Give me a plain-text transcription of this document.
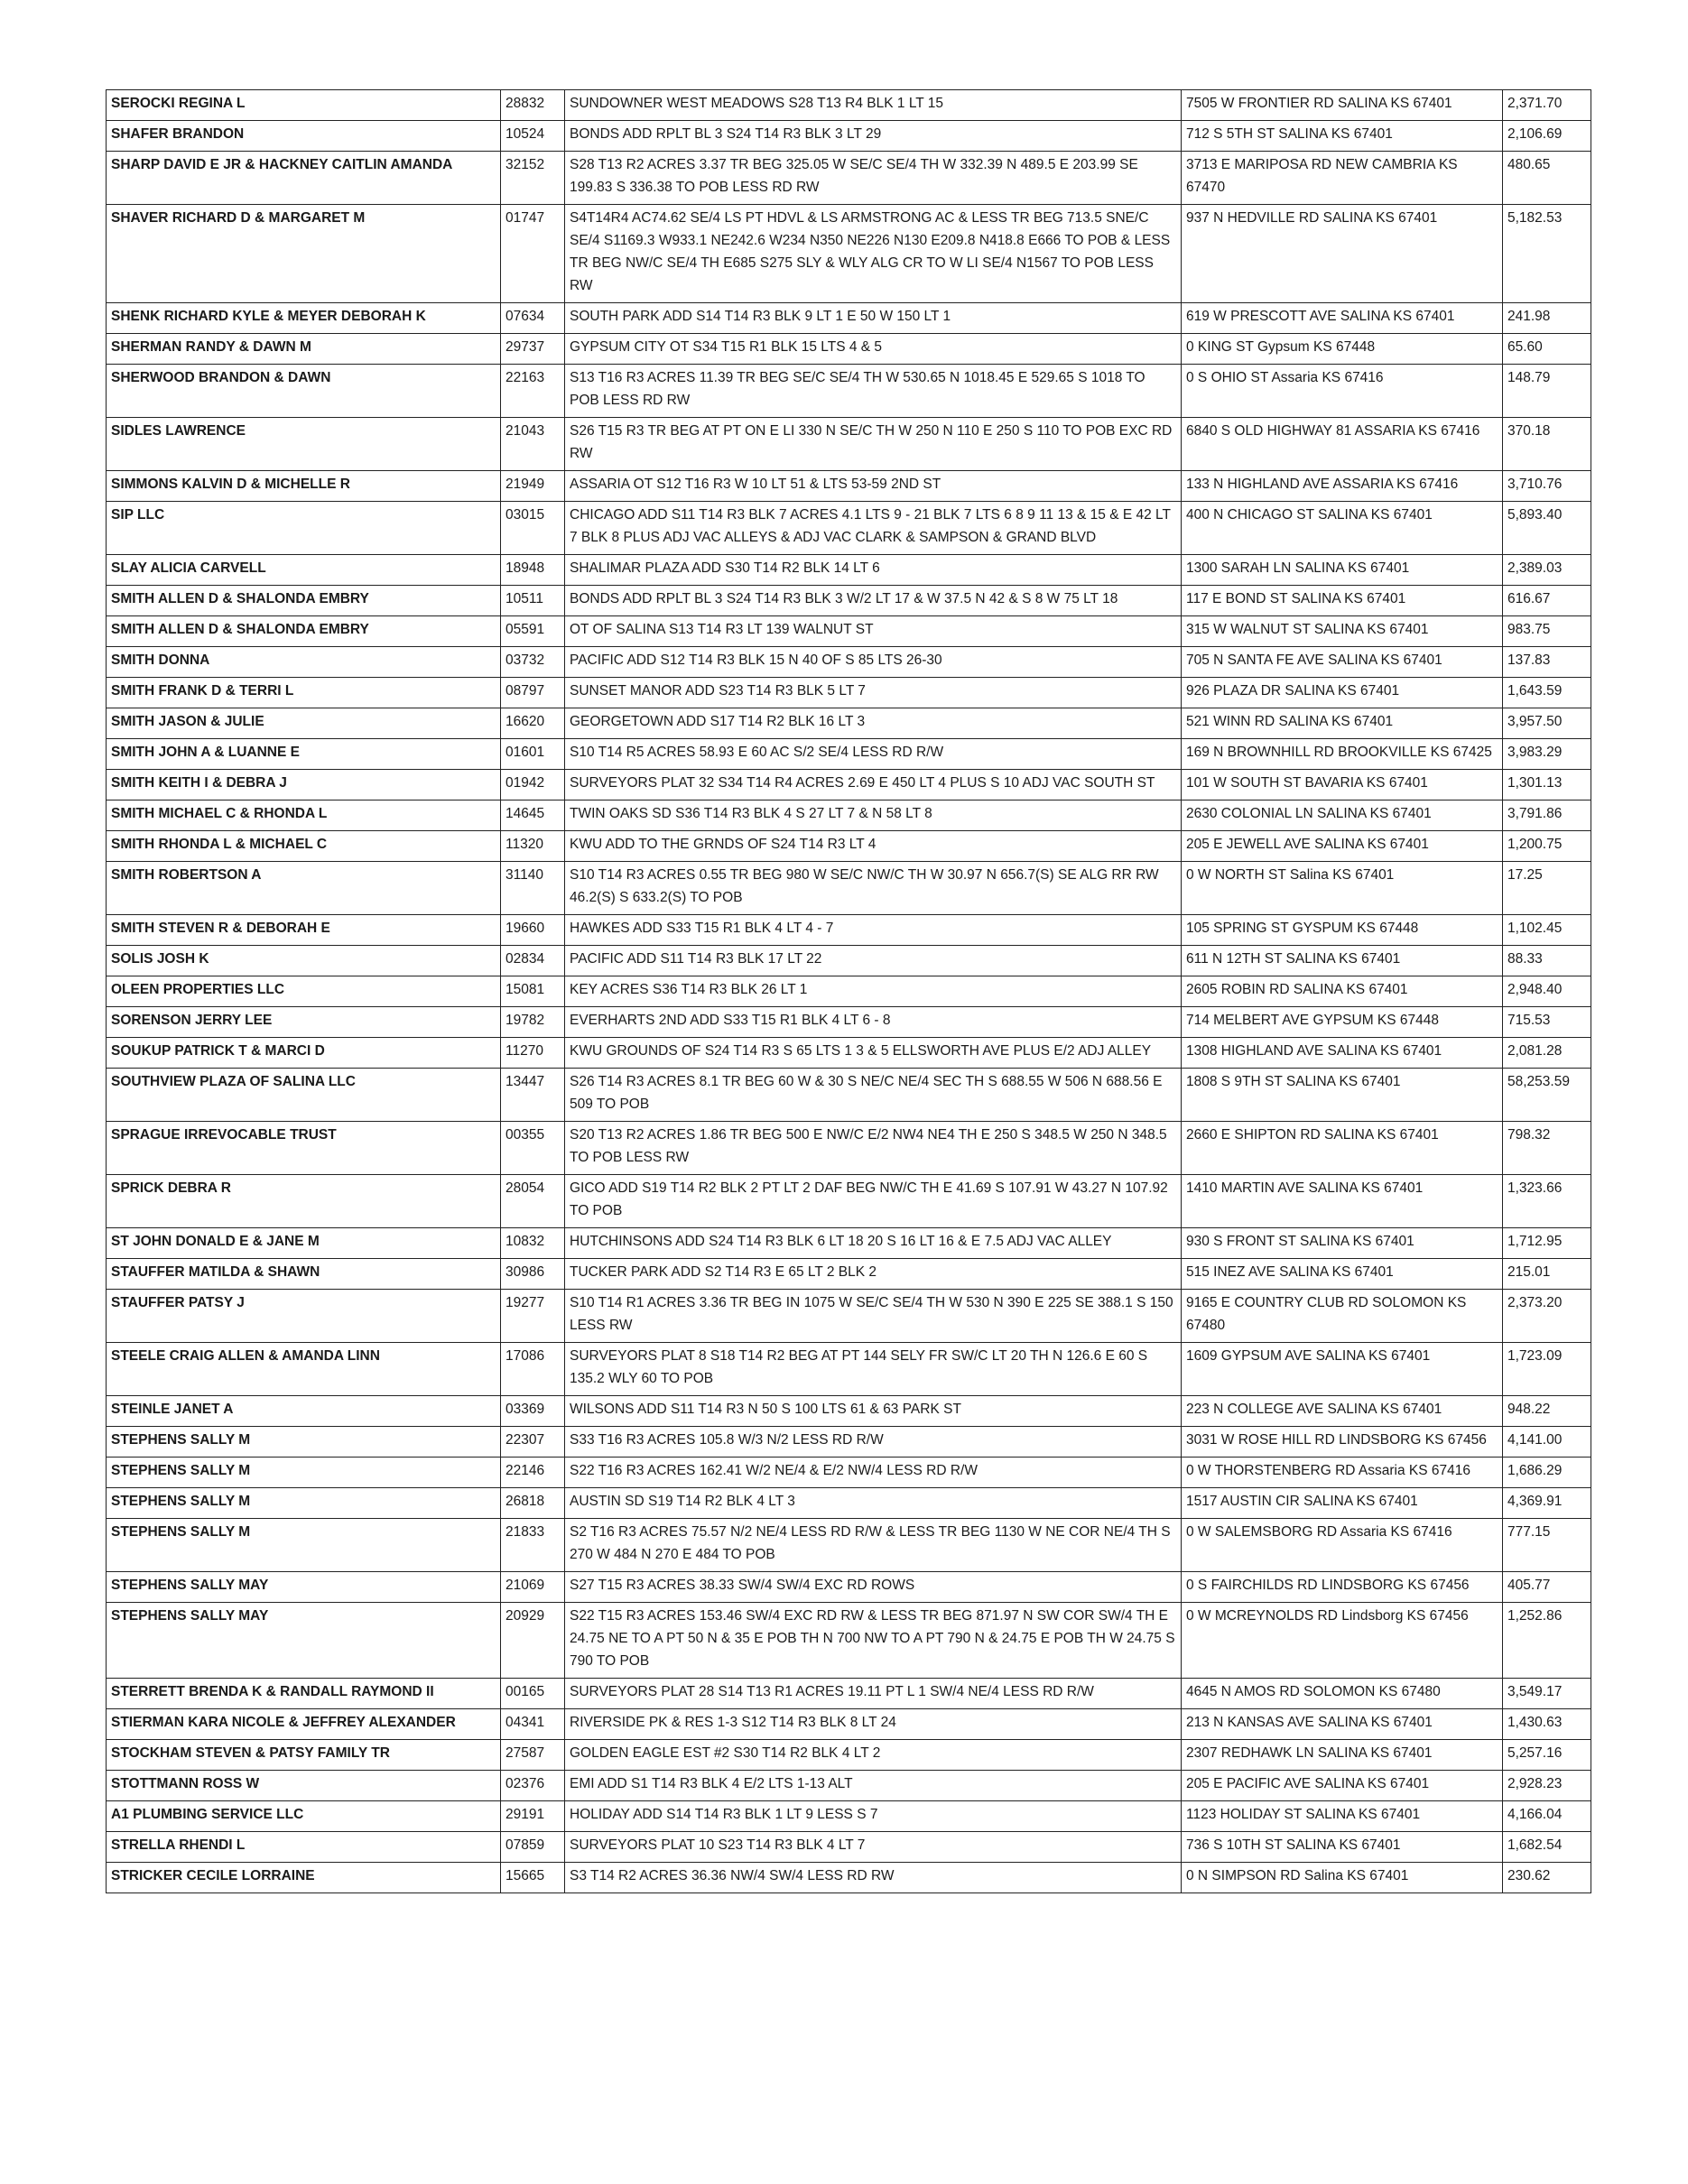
SEROCKI REGINA L	28832	SUNDOWNER WEST MEADOWS S28 T13 R4 BLK 1 LT 15	7505 W FRONTIER RD SALINA KS 67401	2,371.70
SHAFER BRANDON	10524	BONDS ADD RPLT BL 3 S24 T14 R3 BLK 3 LT 29	712 S 5TH ST SALINA KS 67401	2,106.69
SHARP DAVID E JR & HACKNEY CAITLIN AMANDA	32152	S28 T13 R2 ACRES 3.37 TR BEG 325.05 W SE/C SE/4 TH W 332.39 N 489.5 E 203.99 SE 199.83 S 336.38 TO POB LESS RD RW	3713 E MARIPOSA RD NEW CAMBRIA KS 67470	480.65
SHAVER RICHARD D & MARGARET M	01747	S4T14R4 AC74.62 SE/4 LS PT HDVL & LS ARMSTRONG AC & LESS TR BEG 713.5 SNE/C SE/4 S1169.3 W933.1 NE242.6 W234 N350 NE226 N130 E209.8 N418.8 E666 TO POB & LESS TR BEG NW/C SE/4 TH E685 S275 SLY & WLY ALG CR TO W LI SE/4 N1567 TO POB LESS RW	937 N HEDVILLE RD SALINA KS 67401	5,182.53
SHENK RICHARD KYLE & MEYER DEBORAH K	07634	SOUTH PARK ADD S14 T14 R3 BLK 9 LT 1 E 50 W 150 LT 1	619 W PRESCOTT AVE SALINA KS 67401	241.98
SHERMAN RANDY & DAWN M	29737	GYPSUM CITY OT S34 T15 R1 BLK 15 LTS 4 & 5	0 KING ST Gypsum KS 67448	65.60
SHERWOOD BRANDON & DAWN	22163	S13 T16 R3 ACRES 11.39 TR BEG SE/C SE/4 TH W 530.65 N 1018.45 E 529.65 S 1018 TO POB LESS RD RW	0 S OHIO ST Assaria KS 67416	148.79
SIDLES LAWRENCE	21043	S26 T15 R3 TR BEG AT PT ON E LI 330 N SE/C TH W 250 N 110 E 250 S 110 TO POB EXC RD RW	6840 S OLD HIGHWAY 81 ASSARIA KS 67416	370.18
SIMMONS KALVIN D & MICHELLE R	21949	ASSARIA OT S12 T16 R3 W 10 LT 51 & LTS 53-59 2ND ST	133 N HIGHLAND AVE ASSARIA KS 67416	3,710.76
SIP LLC	03015	CHICAGO ADD S11 T14 R3 BLK 7 ACRES 4.1 LTS 9 - 21 BLK 7 LTS 6 8 9 11 13 & 15 & E 42 LT 7 BLK 8 PLUS ADJ VAC ALLEYS & ADJ VAC CLARK & SAMPSON & GRAND BLVD	400 N CHICAGO ST SALINA KS 67401	5,893.40
SLAY ALICIA CARVELL	18948	SHALIMAR PLAZA ADD S30 T14 R2 BLK 14 LT 6	1300 SARAH LN SALINA KS 67401	2,389.03
SMITH ALLEN D & SHALONDA EMBRY	10511	BONDS ADD RPLT BL 3 S24 T14 R3 BLK 3 W/2 LT 17 & W 37.5 N 42 & S 8 W 75 LT 18	117 E BOND ST SALINA KS 67401	616.67
SMITH ALLEN D & SHALONDA EMBRY	05591	OT OF SALINA S13 T14 R3 LT 139 WALNUT ST	315 W WALNUT ST SALINA KS 67401	983.75
SMITH DONNA	03732	PACIFIC ADD S12 T14 R3 BLK 15 N 40 OF S 85 LTS 26-30	705 N SANTA FE AVE SALINA KS 67401	137.83
SMITH FRANK D & TERRI L	08797	SUNSET MANOR ADD S23 T14 R3 BLK 5 LT 7	926 PLAZA DR SALINA KS 67401	1,643.59
SMITH JASON & JULIE	16620	GEORGETOWN ADD S17 T14 R2 BLK 16 LT 3	521 WINN RD SALINA KS 67401	3,957.50
SMITH JOHN A & LUANNE E	01601	S10 T14 R5 ACRES 58.93 E 60 AC S/2 SE/4 LESS RD R/W	169 N BROWNHILL RD BROOKVILLE KS 67425	3,983.29
SMITH KEITH I & DEBRA J	01942	SURVEYORS PLAT 32 S34 T14 R4 ACRES 2.69 E 450 LT 4 PLUS S 10 ADJ VAC SOUTH ST	101 W SOUTH ST BAVARIA KS 67401	1,301.13
SMITH MICHAEL C & RHONDA L	14645	TWIN OAKS SD S36 T14 R3 BLK 4 S 27 LT 7 & N 58 LT 8	2630 COLONIAL LN SALINA KS 67401	3,791.86
SMITH RHONDA L & MICHAEL C	11320	KWU ADD TO THE GRNDS OF S24 T14 R3 LT 4	205 E JEWELL AVE SALINA KS 67401	1,200.75
SMITH ROBERTSON A	31140	S10 T14 R3 ACRES 0.55 TR BEG 980 W SE/C NW/C TH W 30.97 N 656.7(S) SE ALG RR RW 46.2(S) S 633.2(S) TO POB	0 W NORTH ST Salina KS 67401	17.25
SMITH STEVEN R & DEBORAH E	19660	HAWKES ADD S33 T15 R1 BLK 4 LT 4 - 7	105 SPRING ST GYSPUM KS 67448	1,102.45
SOLIS JOSH K	02834	PACIFIC ADD S11 T14 R3 BLK 17 LT 22	611 N 12TH ST SALINA KS 67401	88.33
OLEEN PROPERTIES LLC	15081	KEY ACRES S36 T14 R3 BLK 26 LT 1	2605 ROBIN RD SALINA KS 67401	2,948.40
SORENSON JERRY LEE	19782	EVERHARTS 2ND ADD S33 T15 R1 BLK 4 LT 6 - 8	714 MELBERT AVE GYPSUM KS 67448	715.53
SOUKUP PATRICK T & MARCI D	11270	KWU GROUNDS OF S24 T14 R3 S 65 LTS 1 3 & 5 ELLSWORTH AVE PLUS E/2 ADJ ALLEY	1308 HIGHLAND AVE SALINA KS 67401	2,081.28
SOUTHVIEW PLAZA OF SALINA LLC	13447	S26 T14 R3 ACRES 8.1 TR BEG 60 W & 30 S NE/C NE/4 SEC TH S 688.55 W 506 N 688.56 E 509 TO POB	1808 S 9TH ST SALINA KS 67401	58,253.59
SPRAGUE IRREVOCABLE TRUST	00355	S20 T13 R2 ACRES 1.86 TR BEG 500 E NW/C E/2 NW4 NE4 TH E 250 S 348.5 W 250 N 348.5 TO POB LESS RW	2660 E SHIPTON RD SALINA KS 67401	798.32
SPRICK DEBRA R	28054	GICO ADD S19 T14 R2 BLK 2 PT LT 2 DAF BEG NW/C TH E 41.69 S 107.91 W 43.27 N 107.92 TO POB	1410 MARTIN AVE SALINA KS 67401	1,323.66
ST JOHN DONALD E & JANE M	10832	HUTCHINSONS ADD S24 T14 R3 BLK 6 LT 18 20 S 16 LT 16 & E 7.5 ADJ VAC ALLEY	930 S FRONT ST SALINA KS 67401	1,712.95
STAUFFER MATILDA & SHAWN	30986	TUCKER PARK ADD S2 T14 R3 E 65 LT 2 BLK 2	515 INEZ AVE SALINA KS 67401	215.01
STAUFFER PATSY J	19277	S10 T14 R1 ACRES 3.36 TR BEG IN 1075 W SE/C SE/4 TH W 530 N 390 E 225 SE 388.1 S 150 LESS RW	9165 E COUNTRY CLUB RD SOLOMON KS 67480	2,373.20
STEELE CRAIG ALLEN & AMANDA LINN	17086	SURVEYORS PLAT 8 S18 T14 R2 BEG AT PT 144 SELY FR SW/C LT 20 TH N 126.6 E 60 S 135.2 WLY 60 TO POB	1609 GYPSUM AVE SALINA KS 67401	1,723.09
STEINLE JANET A	03369	WILSONS ADD S11 T14 R3 N 50 S 100 LTS 61 & 63 PARK ST	223 N COLLEGE AVE SALINA KS 67401	948.22
STEPHENS SALLY M	22307	S33 T16 R3 ACRES 105.8 W/3 N/2 LESS RD R/W	3031 W ROSE HILL RD LINDSBORG KS 67456	4,141.00
STEPHENS SALLY M	22146	S22 T16 R3 ACRES 162.41 W/2 NE/4 & E/2 NW/4 LESS RD R/W	0 W THORSTENBERG RD Assaria KS 67416	1,686.29
STEPHENS SALLY M	26818	AUSTIN SD S19 T14 R2 BLK 4 LT 3	1517 AUSTIN CIR SALINA KS 67401	4,369.91
STEPHENS SALLY M	21833	S2 T16 R3 ACRES 75.57 N/2 NE/4 LESS RD R/W & LESS TR BEG 1130 W NE COR NE/4 TH S 270 W 484 N 270 E 484 TO POB	0 W SALEMSBORG RD Assaria KS 67416	777.15
STEPHENS SALLY MAY	21069	S27 T15 R3 ACRES 38.33 SW/4 SW/4 EXC RD ROWS	0 S FAIRCHILDS RD LINDSBORG KS 67456	405.77
STEPHENS SALLY MAY	20929	S22 T15 R3 ACRES 153.46 SW/4 EXC RD RW & LESS TR BEG 871.97 N SW COR SW/4 TH E 24.75 NE TO A PT 50 N & 35 E POB TH N 700 NW TO A PT 790 N & 24.75 E POB TH W 24.75 S 790 TO POB	0 W MCREYNOLDS RD Lindsborg KS 67456	1,252.86
STERRETT BRENDA K & RANDALL RAYMOND II	00165	SURVEYORS PLAT 28 S14 T13 R1 ACRES 19.11 PT L 1 SW/4 NE/4 LESS RD R/W	4645 N AMOS RD SOLOMON KS 67480	3,549.17
STIERMAN KARA NICOLE & JEFFREY ALEXANDER	04341	RIVERSIDE PK & RES 1-3 S12 T14 R3 BLK 8 LT 24	213 N KANSAS AVE SALINA KS 67401	1,430.63
STOCKHAM STEVEN & PATSY FAMILY TR	27587	GOLDEN EAGLE EST #2 S30 T14 R2 BLK 4 LT 2	2307 REDHAWK LN SALINA KS 67401	5,257.16
STOTTMANN ROSS W	02376	EMI ADD S1 T14 R3 BLK 4 E/2 LTS 1-13 ALT	205 E PACIFIC AVE SALINA KS 67401	2,928.23
A1 PLUMBING SERVICE LLC	29191	HOLIDAY ADD S14 T14 R3 BLK 1 LT 9 LESS S 7	1123 HOLIDAY ST SALINA KS 67401	4,166.04
STRELLA RHENDI L	07859	SURVEYORS PLAT 10 S23 T14 R3 BLK 4 LT 7	736 S 10TH ST SALINA KS 67401	1,682.54
STRICKER CECILE LORRAINE	15665	S3 T14 R2 ACRES 36.36 NW/4 SW/4 LESS RD RW	0 N SIMPSON RD Salina KS 67401	230.62
